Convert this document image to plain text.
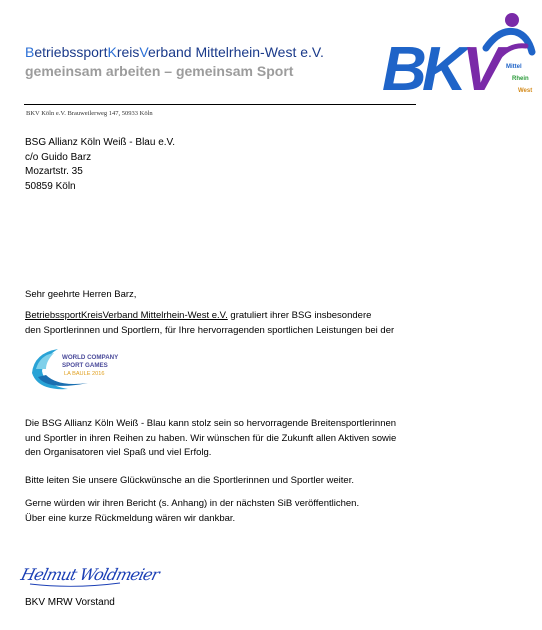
BetriebssportKreisVerband Mittelrhein-West e.V.
gemeinsam arbeiten – gemeinsam Sport B
K
V Mittel
Rhein
West
BKV Köln e.V. Brauweilerweg 147, 50933 Köln
BSG Allianz Köln Weiß - Blau e.V.
c/o Guido Barz
Mozartstr. 35
50859 Köln

Sehr geehrte Herren Barz,

BetriebssportKreisVerband Mittelrhein-West e.V. gratuliert ihrer BSG insbesondere

den Sportlerinnen und Sportlern, für Ihre hervorragenden sportlichen Leistungen bei der

WORLD COMPANY
SPORT GAMES
LA BAULE 2016

Die BSG Allianz Köln Weiß - Blau kann stolz sein so hervorragende Breitensportlerinnen

und Sportler in ihren Reihen zu haben. Wir wünschen für die Zukunft allen Aktiven sowie

den Organisatoren viel Spaß und viel Erfolg.

Bitte leiten Sie unsere Glückwünsche an die Sportlerinnen und Sportler weiter.

Gerne würden wir ihren Bericht (s. Anhang) in der nächsten SiB veröffentlichen.

Über eine kurze Rückmeldung wären wir dankbar.

Helmut Woldmeier
BKV MRW Vorstand
